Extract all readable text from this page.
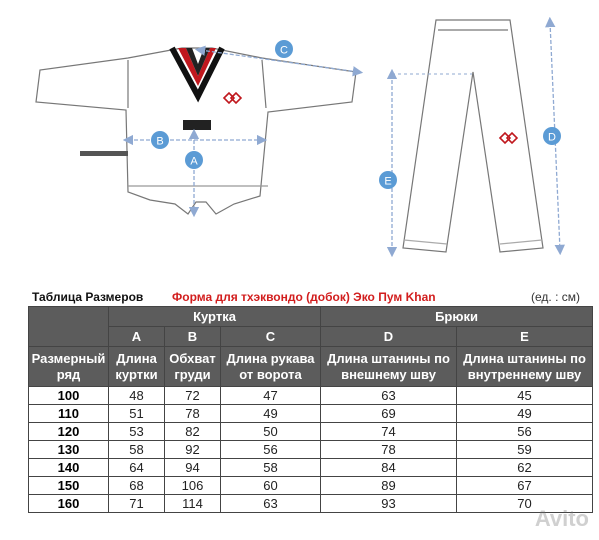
C
B
A
D
E
Таблица Размеров Форма для тхэквондо (добок) Эко Пум Khan	(ед. : см)
	Куртка			Брюки	
	A	B	C	D	E
Размерный ряд	Длина куртки	Обхват груди	Длина рукава от ворота	Длина штанины по внешнему шву	Длина штанины по внутреннему шву
100	48	72	47	63	45
110	51	78	49	69	49
120	53	82	50	74	56
130	58	92	56	78	59
140	64	94	58	84	62
150	68	106	60	89	67
160	71	114	63	93	70
Avito
